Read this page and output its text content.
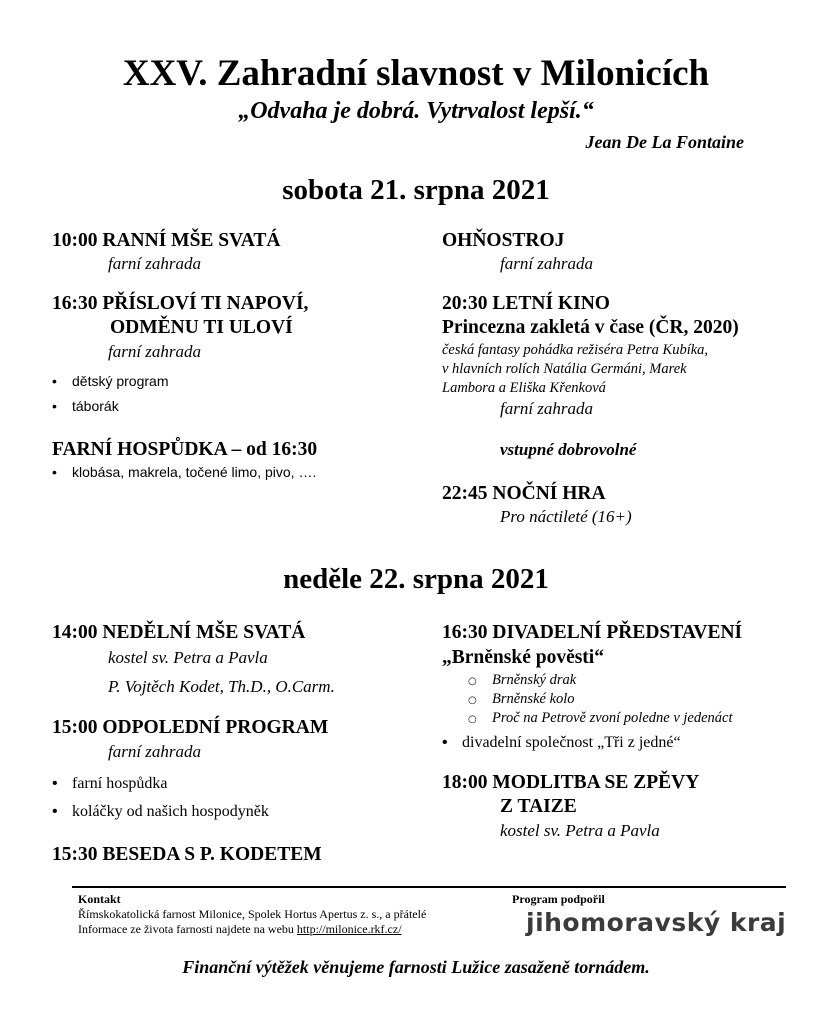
XXV. Zahradní slavnost v Milonicích
„Odvaha je dobrá. Vytrvalost lepší.“
Jean De La Fontaine
sobota 21. srpna 2021
10:00 RANNÍ MŠE SVATÁ
farní zahrada
16:30 PŘÍSLOVÍ TI NAPOVÍ,
ODMĚNU TI ULOVÍ
farní zahrada
• dětský program
• táborák
FARNÍ HOSPŮDKA – od 16:30
• klobása, makrela, točené limo, pivo, ….
OHŇOSTROJ
farní zahrada
20:30 LETNÍ KINO
Princezna zakletá v čase (ČR, 2020)
česká fantasy pohádka režiséra Petra Kubíka,
v hlavních rolích Natália Germáni, Marek
Lambora a Eliška Křenková
farní zahrada
vstupné dobrovolné
22:45 NOČNÍ HRA
Pro náctileté (16+)
neděle 22. srpna 2021
14:00 NEDĚLNÍ MŠE SVATÁ
kostel sv. Petra a Pavla
P. Vojtěch Kodet, Th.D., O.Carm.
15:00 ODPOLEDNÍ PROGRAM
farní zahrada
• farní hospůdka
• koláčky od našich hospodyněk
15:30 BESEDA S P. KODETEM
16:30 DIVADELNÍ PŘEDSTAVENÍ
„Brněnské pověsti“
○ Brněnský drak
○ Brněnské kolo
○ Proč na Petrově zvoní poledne v jedenáct
• divadelní společnost „Tři z jedné“
18:00 MODLITBA SE ZPĚVY
Z TAIZE
kostel sv. Petra a Pavla
Kontakt
Římskokatolická farnost Milonice, Spolek Hortus Apertus z. s., a přátelé
Informace ze života farnosti najdete na webu http://milonice.rkf.cz/
Program podpořil
jihomoravský kraj
Finanční výtěžek věnujeme farnosti Lužice zasaženě tornádem.
